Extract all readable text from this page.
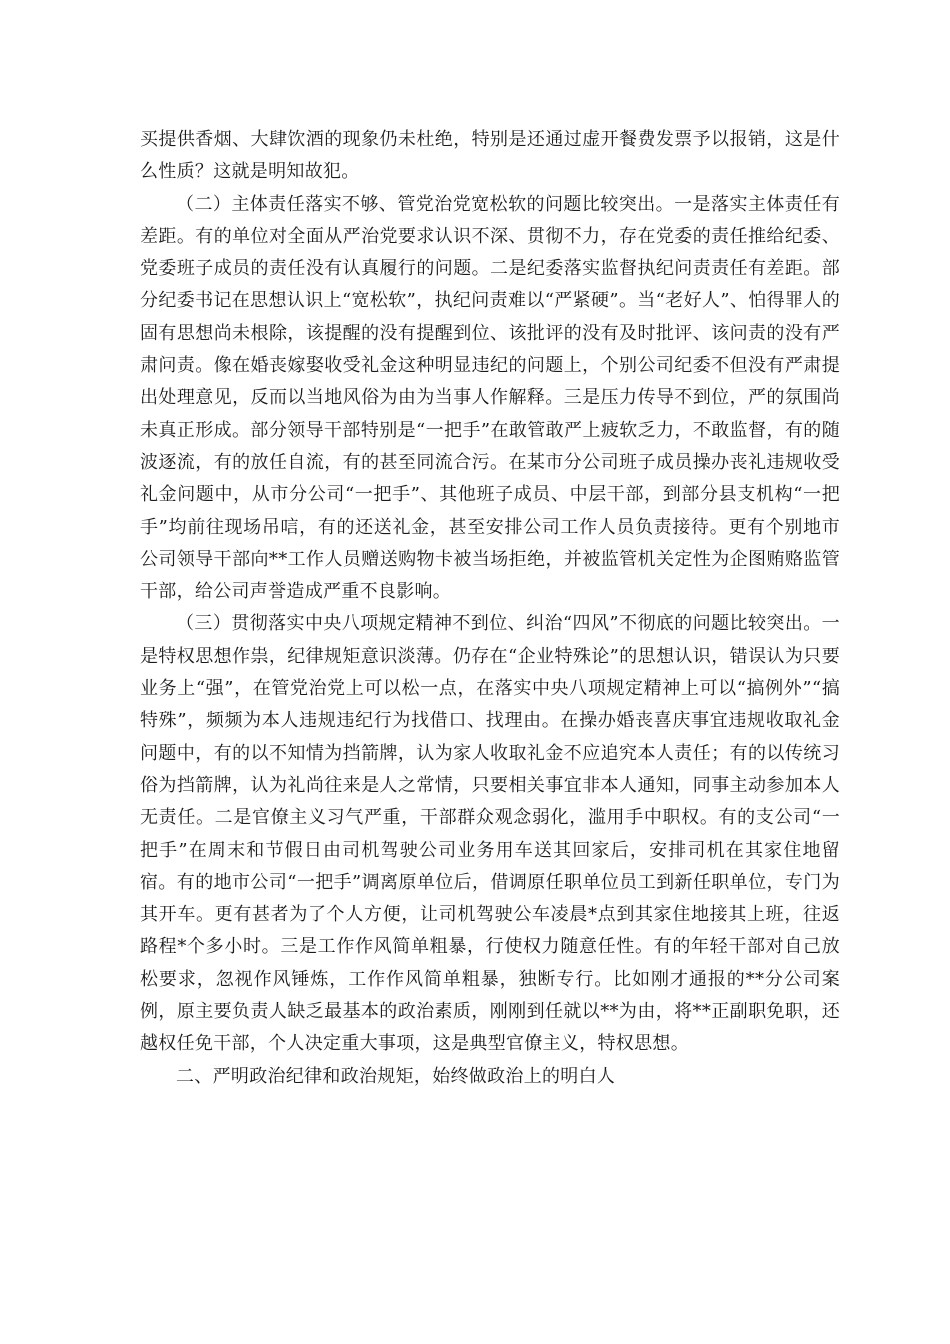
买提供香烟、大肆饮酒的现象仍未杜绝，特别是还通过虚开餐费发票予以报销，这是什么性质？这就是明知故犯。

（二）主体责任落实不够、管党治党宽松软的问题比较突出。一是落实主体责任有差距。有的单位对全面从严治党要求认识不深、贯彻不力，存在党委的责任推给纪委、党委班子成员的责任没有认真履行的问题。二是纪委落实监督执纪问责责任有差距。部分纪委书记在思想认识上“宽松软”，执纪问责难以“严紧硬”。当“老好人”、怕得罪人的固有思想尚未根除，该提醒的没有提醒到位、该批评的没有及时批评、该问责的没有严肃问责。像在婚丧嫁娶收受礼金这种明显违纪的问题上，个别公司纪委不但没有严肃提出处理意见，反而以当地风俗为由为当事人作解释。三是压力传导不到位，严的氛围尚未真正形成。部分领导干部特别是“一把手”在敢管敢严上疲软乏力，不敢监督，有的随波逐流，有的放任自流，有的甚至同流合污。在某市分公司班子成员操办丧礼违规收受礼金问题中，从市分公司“一把手”、其他班子成员、中层干部，到部分县支机构“一把手”均前往现场吊唁，有的还送礼金，甚至安排公司工作人员负责接待。更有个别地市公司领导干部向**工作人员赠送购物卡被当场拒绝，并被监管机关定性为企图贿赂监管干部，给公司声誉造成严重不良影响。

（三）贯彻落实中央八项规定精神不到位、纠治“四风”不彻底的问题比较突出。一是特权思想作祟，纪律规矩意识淡薄。仍存在“企业特殊论”的思想认识，错误认为只要业务上“强”，在管党治党上可以松一点，在落实中央八项规定精神上可以“搞例外”“搞特殊”，频频为本人违规违纪行为找借口、找理由。在操办婚丧喜庆事宜违规收取礼金问题中，有的以不知情为挡箭牌，认为家人收取礼金不应追究本人责任；有的以传统习俗为挡箭牌，认为礼尚往来是人之常情，只要相关事宜非本人通知，同事主动参加本人无责任。二是官僚主义习气严重，干部群众观念弱化，滥用手中职权。有的支公司“一把手”在周末和节假日由司机驾驶公司业务用车送其回家后，安排司机在其家住地留宿。有的地市公司“一把手”调离原单位后，借调原任职单位员工到新任职单位，专门为其开车。更有甚者为了个人方便，让司机驾驶公车凌晨*点到其家住地接其上班，往返路程*个多小时。三是工作作风简单粗暴，行使权力随意任性。有的年轻干部对自己放松要求，忽视作风锤炼，工作作风简单粗暴，独断专行。比如刚才通报的**分公司案例，原主要负责人缺乏最基本的政治素质，刚刚到任就以**为由，将**正副职免职，还越权任免干部，个人决定重大事项，这是典型官僚主义，特权思想。

二、严明政治纪律和政治规矩，始终做政治上的明白人
